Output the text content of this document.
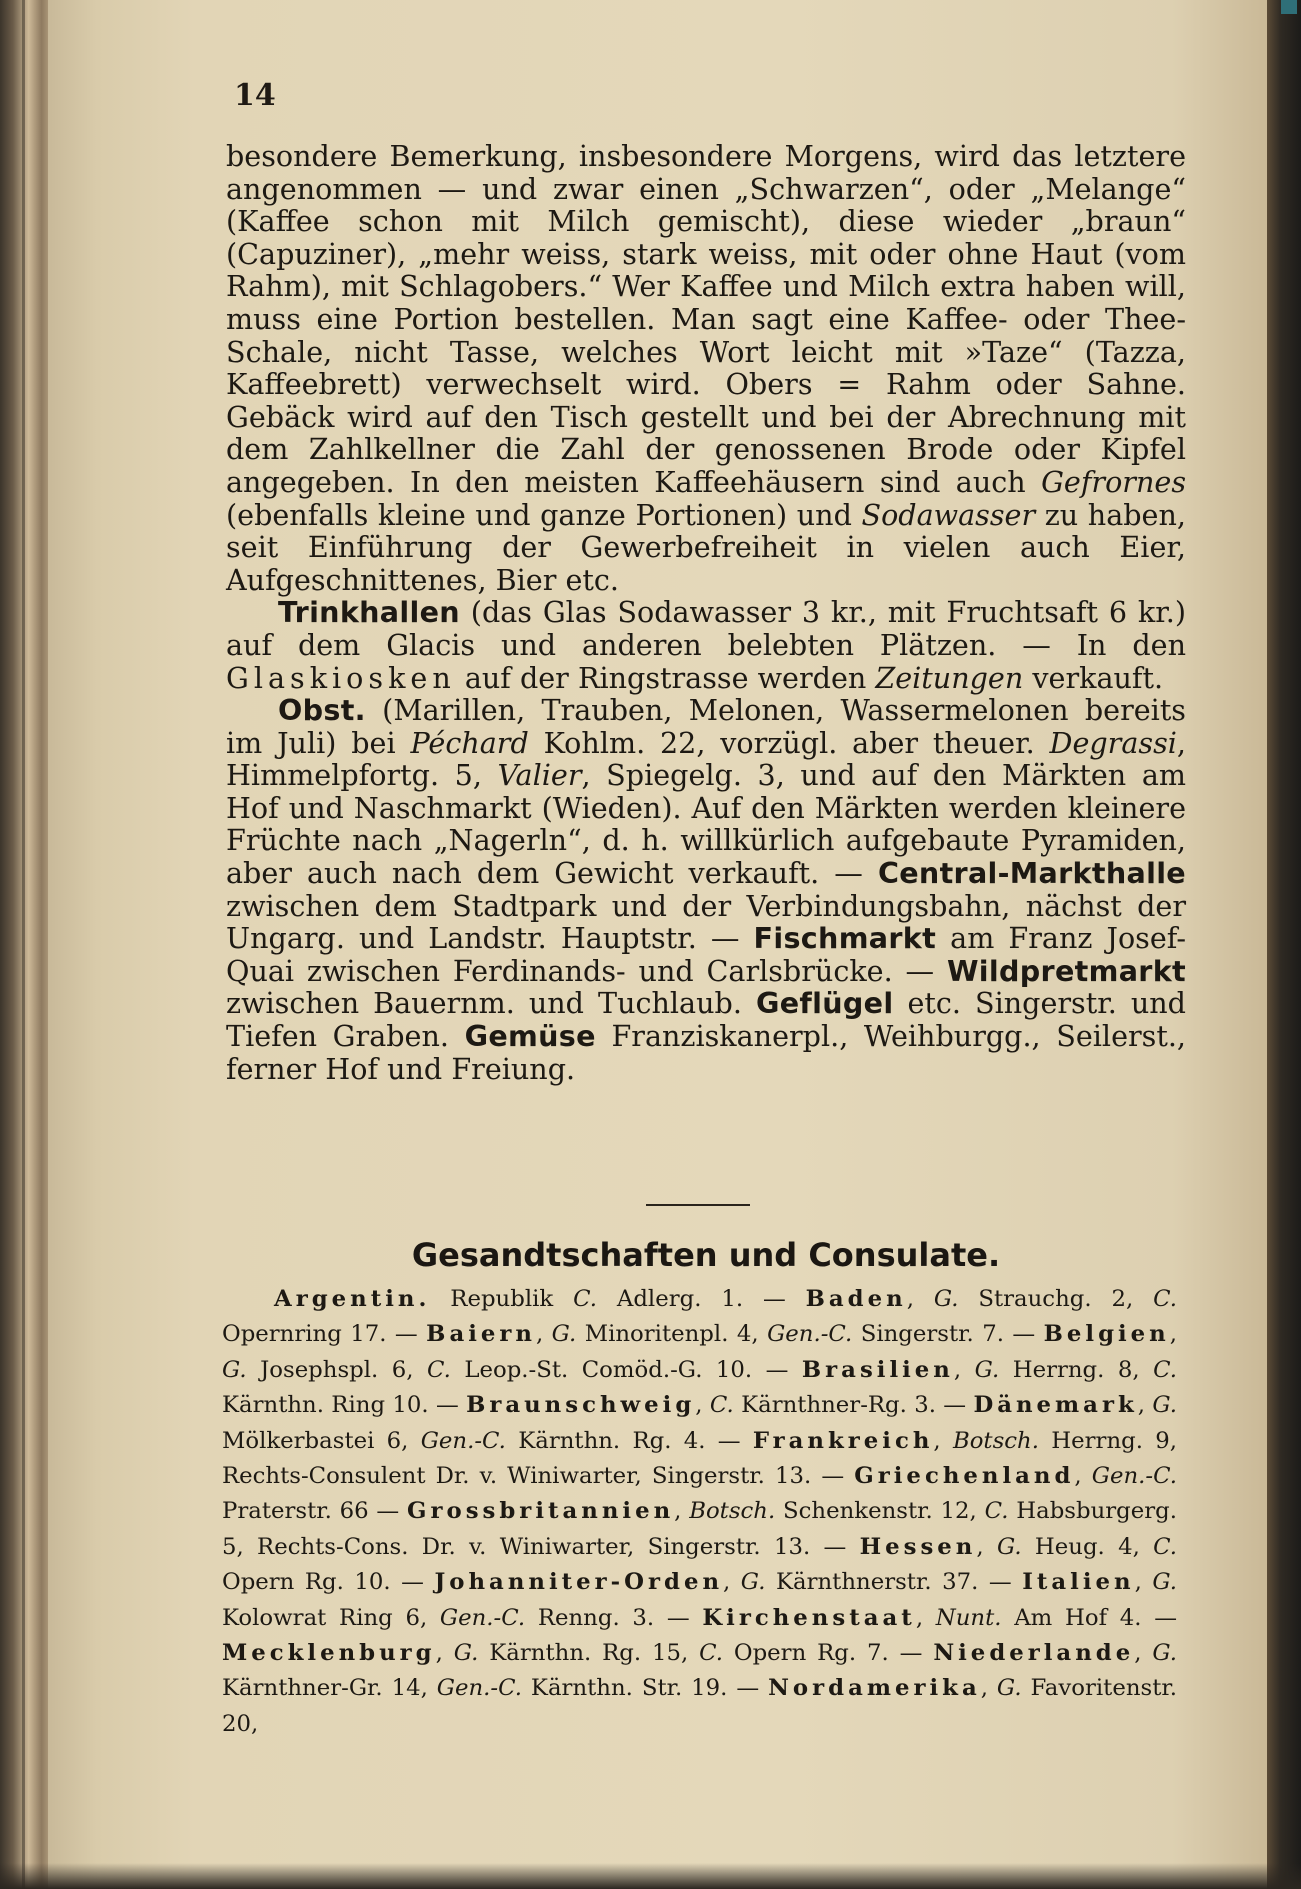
14

besondere Bemerkung, insbesondere Morgens, wird das letztere angenommen — und zwar einen „Schwarzen“, oder „Melange“ (Kaffee schon mit Milch gemischt), diese wieder „braun“ (Capuziner), „mehr weiss, stark weiss, mit oder ohne Haut (vom Rahm), mit Schlagobers.“ Wer Kaffee und Milch extra haben will, muss eine Portion bestellen. Man sagt eine Kaffee- oder Thee-Schale, nicht Tasse, welches Wort leicht mit »Taze“ (Tazza, Kaffeebrett) verwechselt wird. Obers = Rahm oder Sahne. Gebäck wird auf den Tisch gestellt und bei der Abrechnung mit dem Zahlkellner die Zahl der genossenen Brode oder Kipfel angegeben. In den meisten Kaffeehäusern sind auch Gefrornes (ebenfalls kleine und ganze Portionen) und Sodawasser zu haben, seit Einführung der Gewerbefreiheit in vielen auch Eier, Aufgeschnittenes, Bier etc.

Trinkhallen (das Glas Sodawasser 3 kr., mit Fruchtsaft 6 kr.) auf dem Glacis und anderen belebten Plätzen. — In den Glaskiosken auf der Ringstrasse werden Zeitungen verkauft.

Obst. (Marillen, Trauben, Melonen, Wassermelonen bereits im Juli) bei Péchard Kohlm. 22, vorzügl. aber theuer. Degrassi, Himmelpfortg. 5, Valier, Spiegelg. 3, und auf den Märkten am Hof und Naschmarkt (Wieden). Auf den Märkten werden kleinere Früchte nach „Nagerln“, d. h. willkürlich aufgebaute Pyramiden, aber auch nach dem Gewicht verkauft. — Central-Markthalle zwischen dem Stadtpark und der Verbindungsbahn, nächst der Ungarg. und Landstr. Hauptstr. — Fischmarkt am Franz Josef-Quai zwischen Ferdinands- und Carlsbrücke. — Wildpretmarkt zwischen Bauernm. und Tuchlaub. Geflügel etc. Singerstr. und Tiefen Graben. Gemüse Franziskanerpl., Weihburgg., Seilerst., ferner Hof und Freiung.

Gesandtschaften und Consulate.
Argentin. Republik C. Adlerg. 1. — Baden, G. Strauchg. 2, C. Opernring 17. — Baiern, G. Minoritenpl. 4, Gen.-C. Singerstr. 7. — Belgien, G. Josephspl. 6, C. Leop.-St. Comöd.-G. 10. — Brasilien, G. Herrng. 8, C. Kärnthn. Ring 10. — Braunschweig, C. Kärnthner-Rg. 3. — Dänemark, G. Mölkerbastei 6, Gen.-C. Kärnthn. Rg. 4. — Frankreich, Botsch. Herrng. 9, Rechts-Consulent Dr. v. Winiwarter, Singerstr. 13. — Griechenland, Gen.-C. Praterstr. 66 — Grossbritannien, Botsch. Schenkenstr. 12, C. Habsburgerg. 5, Rechts-Cons. Dr. v. Winiwarter, Singerstr. 13. — Hessen, G. Heug. 4, C. Opern Rg. 10. — Johanniter-Orden, G. Kärnthnerstr. 37. — Italien, G. Kolowrat Ring 6, Gen.-C. Renng. 3. — Kirchenstaat, Nunt. Am Hof 4. — Mecklenburg, G. Kärnthn. Rg. 15, C. Opern Rg. 7. — Niederlande, G. Kärnthner-Gr. 14, Gen.-C. Kärnthn. Str. 19. — Nordamerika, G. Favoritenstr. 20,
